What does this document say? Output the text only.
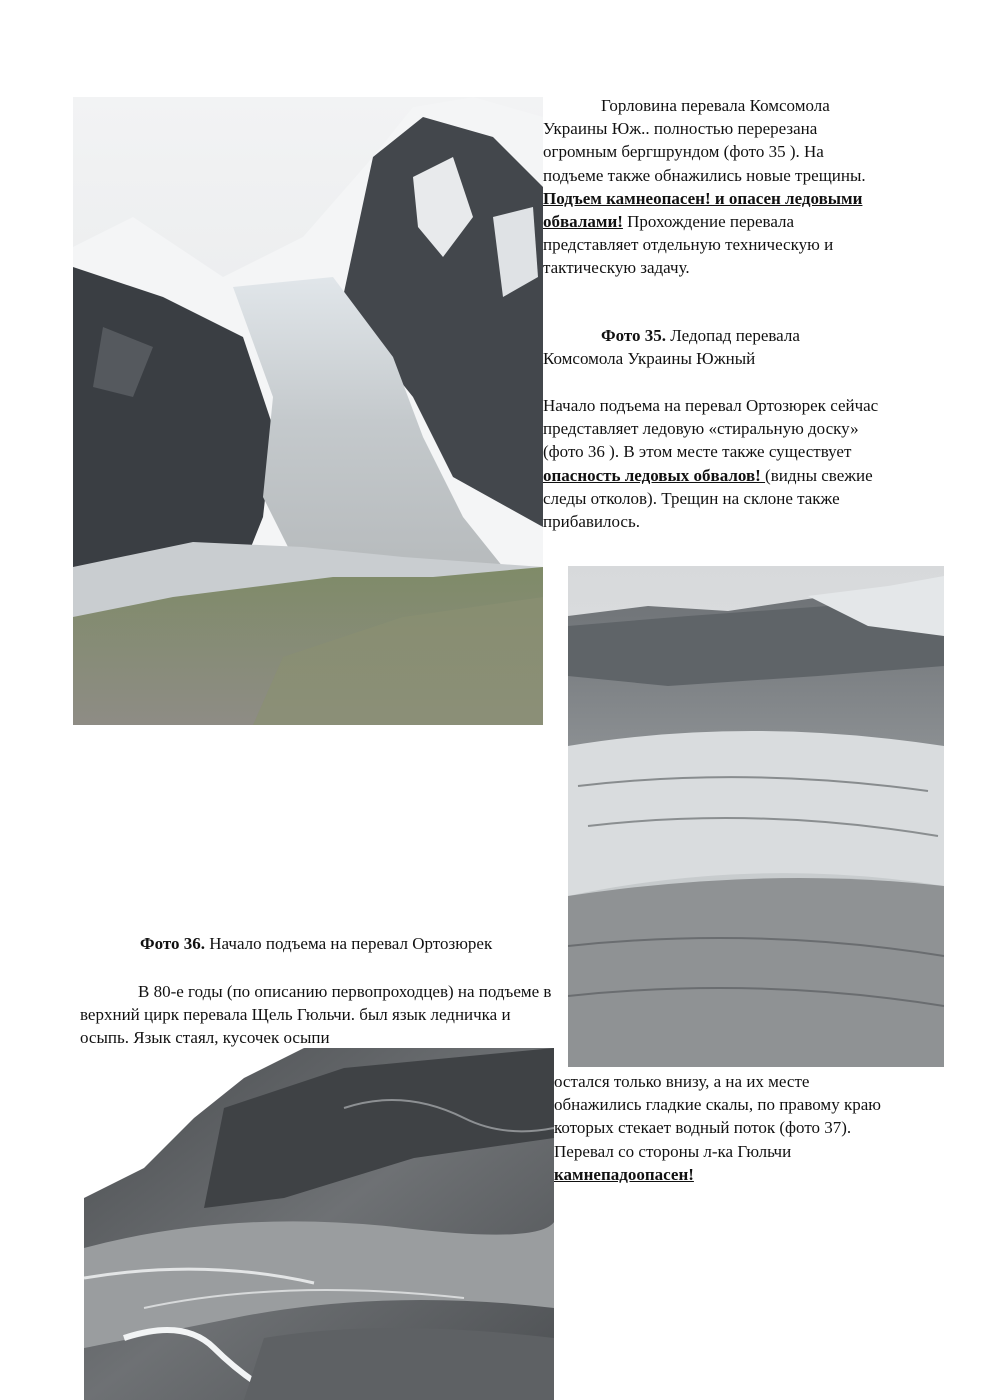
Горловина перевала Комсомола Украины Юж.. полностью перерезана огромным бергшрундом (фото 35 ). На подъеме также обнажились новые трещины. Подъем камнеопасен! и опасен ледовыми обвалами! Прохождение перевала представляет отдельную техническую и тактическую задачу.

Фото 35. Ледопад перевала Комсомола Украины Южный

Начало подъема на перевал Ортозюрек сейчас представляет ледовую «стиральную доску» (фото 36 ). В этом месте также существует опасность ледовых обвалов! (видны свежие следы отколов). Трещин на склоне также прибавилось.

Фото 36. Начало подъема на перевал Ортозюрек

В 80-е годы (по описанию первопроходцев) на подъеме в верхний цирк перевала Щель Гюльчи. был язык ледничка и осыпь. Язык стаял, кусочек осыпи

остался только внизу, а на их месте обнажились гладкие скалы, по правому краю которых стекает водный поток (фото 37). Перевал со стороны л-ка Гюльчи камнепадоопасен!
